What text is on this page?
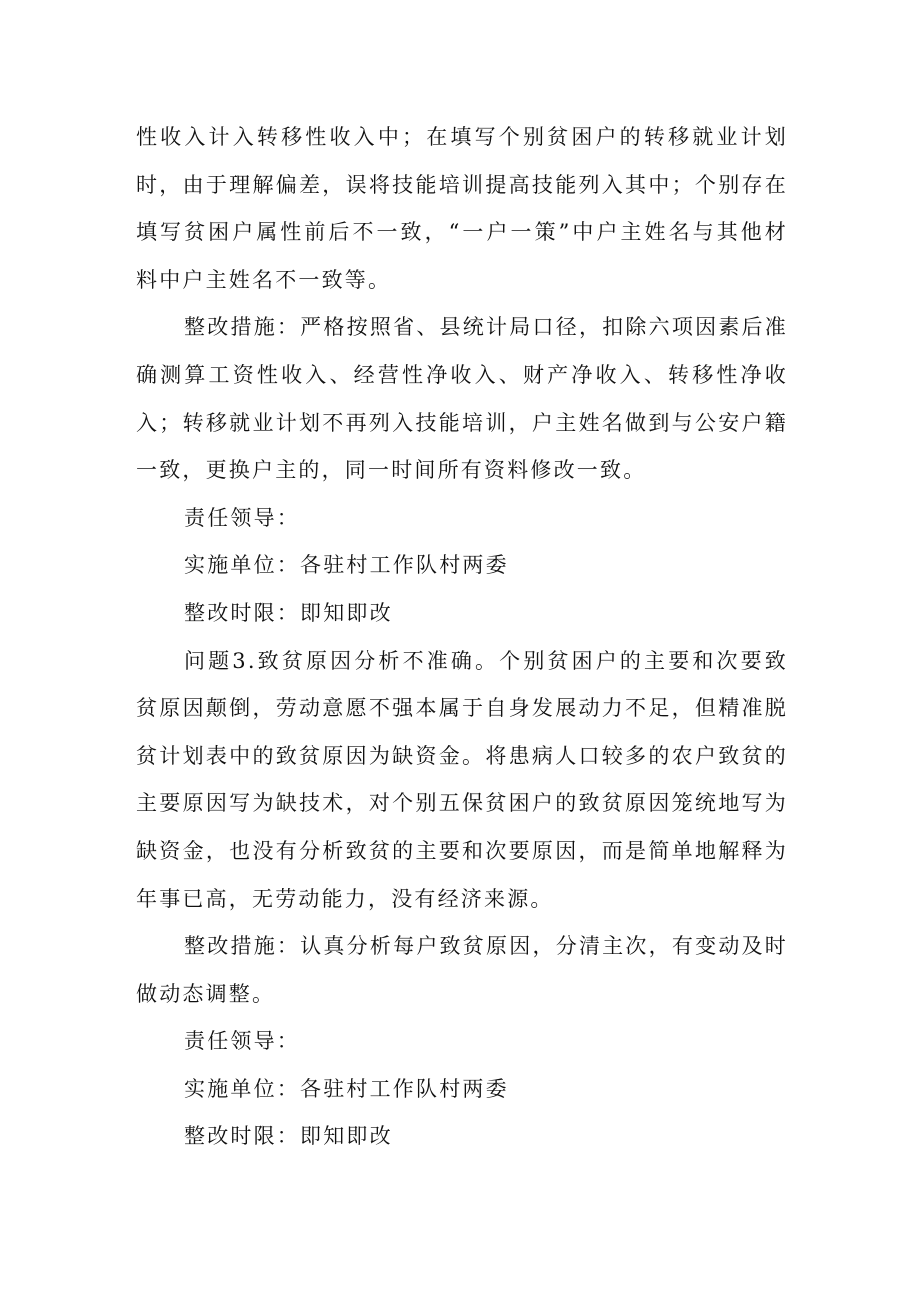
性收入计入转移性收入中；在填写个别贫困户的转移就业计划时，由于理解偏差，误将技能培训提高技能列入其中；个别存在填写贫困户属性前后不一致，“一户一策”中户主姓名与其他材料中户主姓名不一致等。

整改措施：严格按照省、县统计局口径，扣除六项因素后准确测算工资性收入、经营性净收入、财产净收入、转移性净收入；转移就业计划不再列入技能培训，户主姓名做到与公安户籍一致，更换户主的，同一时间所有资料修改一致。

责任领导：

实施单位：各驻村工作队村两委

整改时限：即知即改

问题3.致贫原因分析不准确。个别贫困户的主要和次要致贫原因颠倒，劳动意愿不强本属于自身发展动力不足，但精准脱贫计划表中的致贫原因为缺资金。将患病人口较多的农户致贫的主要原因写为缺技术，对个别五保贫困户的致贫原因笼统地写为缺资金，也没有分析致贫的主要和次要原因，而是简单地解释为年事已高，无劳动能力，没有经济来源。

整改措施：认真分析每户致贫原因，分清主次，有变动及时做动态调整。

责任领导：

实施单位：各驻村工作队村两委

整改时限：即知即改
